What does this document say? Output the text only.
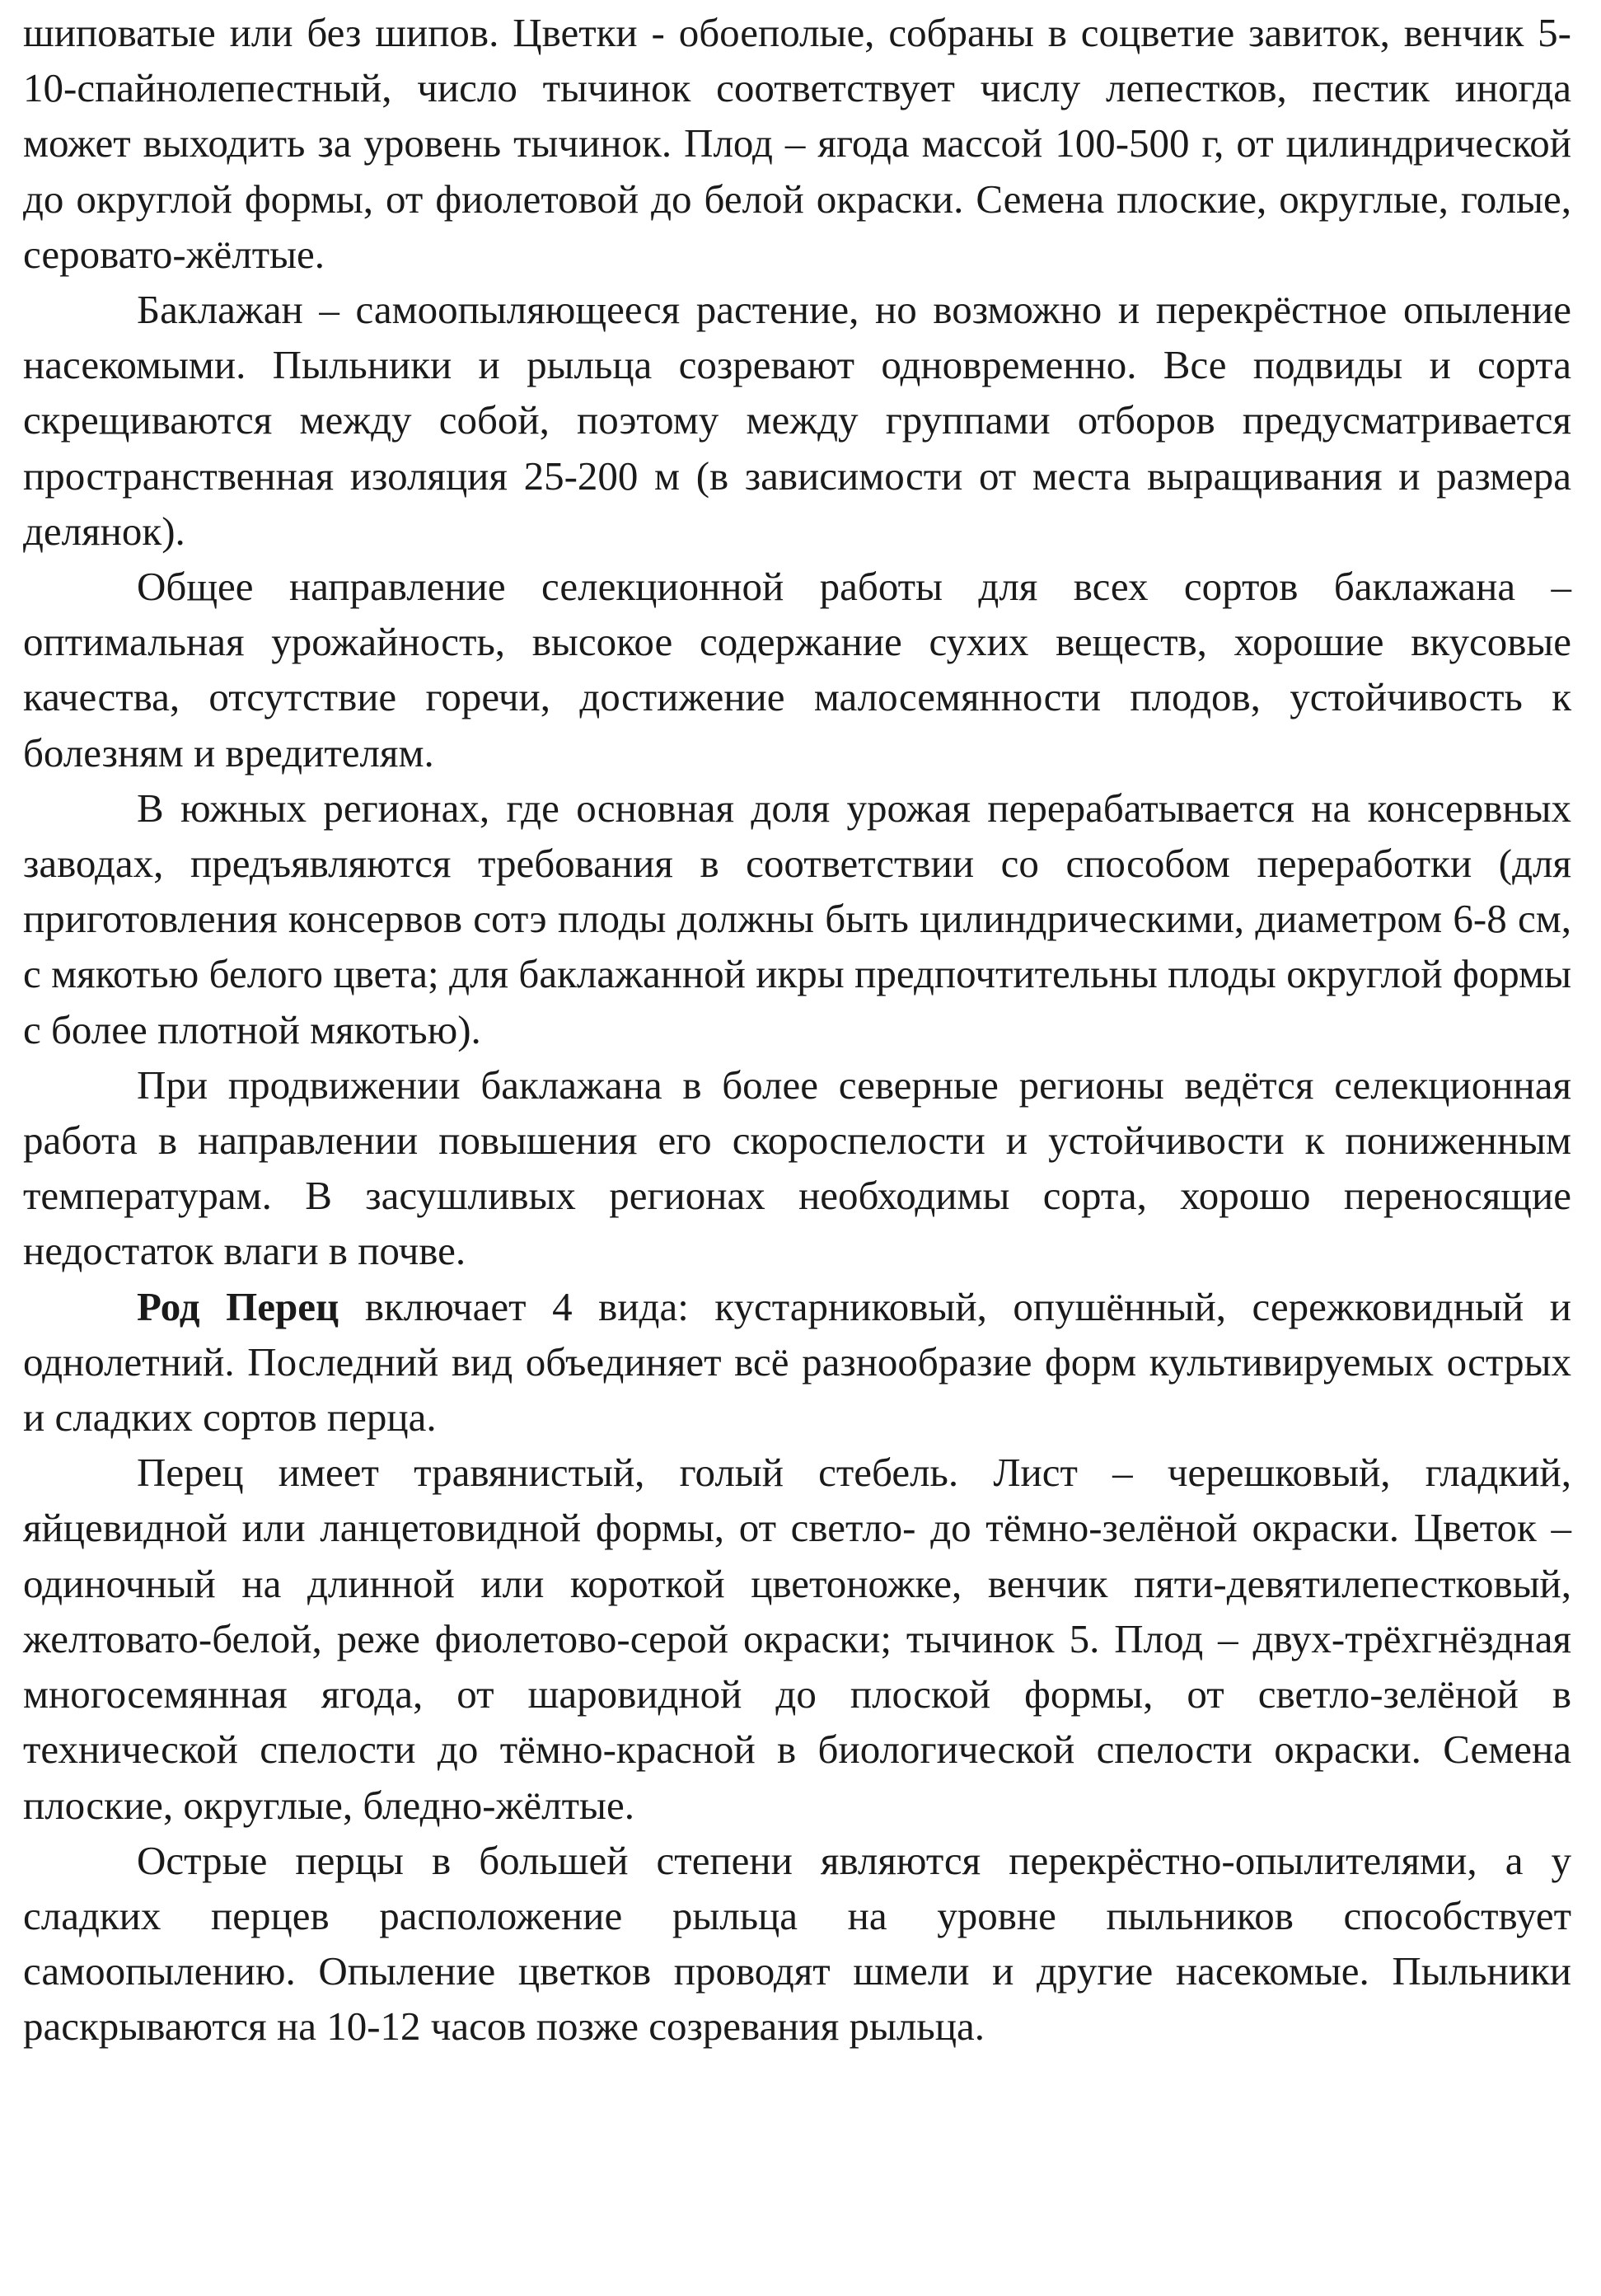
шиповатые или без шипов. Цветки - обоеполые, собраны в соцветие завиток, венчик 5-10-спайнолепестный, число тычинок соответствует числу лепестков, пестик иногда может выходить за уровень тычинок. Плод – ягода массой 100-500 г, от цилиндрической до округлой формы, от фиолетовой до белой окраски. Семена плоские, округлые, голые, серовато-жёлтые.

Баклажан – самоопыляющееся растение, но возможно и перекрёстное опыление насекомыми. Пыльники и рыльца созревают одновременно. Все подвиды и сорта скрещиваются между собой, поэтому между группами отборов предусматривается пространственная изоляция 25-200 м (в зависимости от места выращивания и размера делянок).

Общее направление селекционной работы для всех сортов баклажана – оптимальная урожайность, высокое содержание сухих веществ, хорошие вкусовые качества, отсутствие горечи, достижение малосемянности плодов, устойчивость к болезням и вредителям.

В южных регионах, где основная доля урожая перерабатывается на консервных заводах, предъявляются требования в соответствии со способом переработки (для приготовления консервов сотэ плоды должны быть цилиндрическими, диаметром 6-8 см, с мякотью белого цвета; для баклажанной икры предпочтительны плоды округлой формы с более плотной мякотью).

При продвижении баклажана в более северные регионы ведётся селекционная работа в направлении повышения его скороспелости и устойчивости к пониженным температурам. В засушливых регионах необходимы сорта, хорошо переносящие недостаток влаги в почве.

Род Перец включает 4 вида: кустарниковый, опушённый, сережковидный и однолетний. Последний вид объединяет всё разнообразие форм культивируемых острых и сладких сортов перца.

Перец имеет травянистый, голый стебель. Лист – черешковый, гладкий, яйцевидной или ланцетовидной формы, от светло- до тёмно-зелёной окраски. Цветок – одиночный на длинной или короткой цветоножке, венчик пяти-девятилепестковый, желтовато-белой, реже фиолетово-серой окраски; тычинок 5. Плод – двух-трёхгнёздная многосемянная ягода, от шаровидной до плоской формы, от светло-зелёной в технической спелости до тёмно-красной в биологической спелости окраски. Семена плоские, округлые, бледно-жёлтые.

Острые перцы в большей степени являются перекрёстно-опылителями, а у сладких перцев расположение рыльца на уровне пыльников способствует самоопылению. Опыление цветков проводят шмели и другие насекомые. Пыльники раскрываются на 10-12 часов позже созревания рыльца.
